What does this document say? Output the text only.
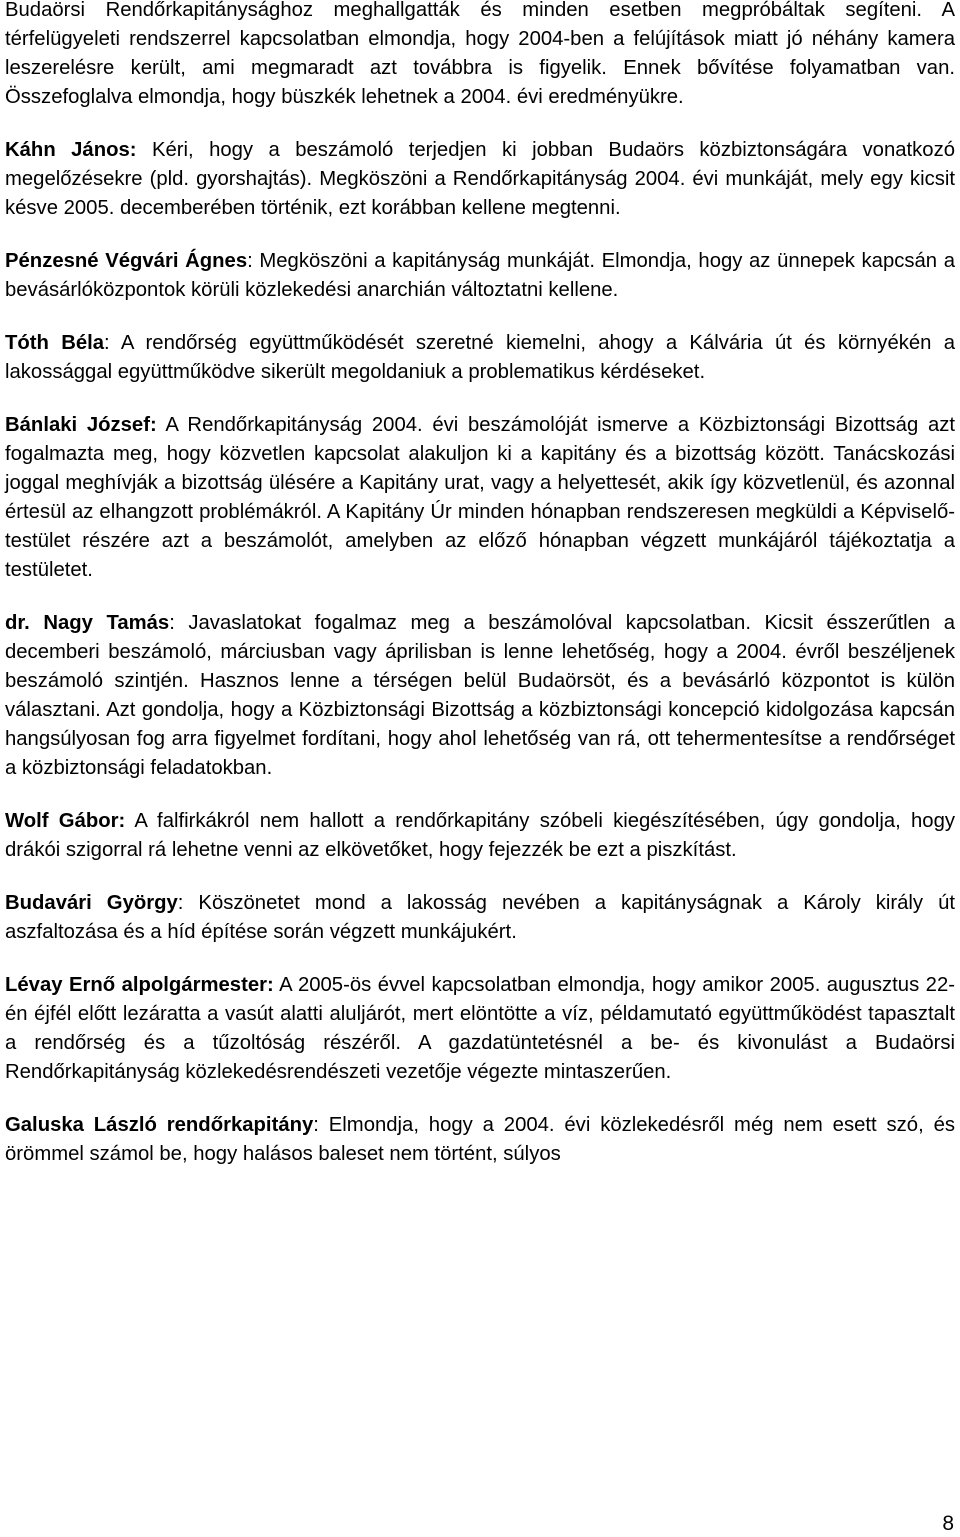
Budaörsi Rendőrkapitánysághoz meghallgatták és minden esetben megpróbáltak segíteni. A térfelügyeleti rendszerrel kapcsolatban elmondja, hogy 2004-ben a felújítások miatt jó néhány kamera leszerelésre került, ami megmaradt azt továbbra is figyelik. Ennek bővítése folyamatban van. Összefoglalva elmondja, hogy büszkék lehetnek a 2004. évi eredményükre.

Káhn János: Kéri, hogy a beszámoló terjedjen ki jobban Budaörs közbiztonságára vonatkozó megelőzésekre (pld. gyorshajtás). Megköszöni a Rendőrkapitányság 2004. évi munkáját, mely egy kicsit késve 2005. decemberében történik, ezt korábban kellene megtenni.

Pénzesné Végvári Ágnes: Megköszöni a kapitányság munkáját. Elmondja, hogy az ünnepek kapcsán a bevásárlóközpontok körüli közlekedési anarchián változtatni kellene.

Tóth Béla: A rendőrség együttműködését szeretné kiemelni, ahogy a Kálvária út és környékén a lakossággal együttműködve sikerült megoldaniuk a problematikus kérdéseket.

Bánlaki József: A Rendőrkapitányság 2004. évi beszámolóját ismerve a Közbiztonsági Bizottság azt fogalmazta meg, hogy közvetlen kapcsolat alakuljon ki a kapitány és a bizottság között. Tanácskozási joggal meghívják a bizottság ülésére a Kapitány urat, vagy a helyettesét, akik így közvetlenül, és azonnal értesül az elhangzott problémákról. A Kapitány Úr minden hónapban rendszeresen megküldi a Képviselő-testület részére azt a beszámolót, amelyben az előző hónapban végzett munkájáról tájékoztatja a testületet.

dr. Nagy Tamás: Javaslatokat fogalmaz meg a beszámolóval kapcsolatban. Kicsit ésszerűtlen a decemberi beszámoló, márciusban vagy áprilisban is lenne lehetőség, hogy a 2004. évről beszéljenek beszámoló szintjén. Hasznos lenne a térségen belül Budaörsöt, és a bevásárló központot is külön választani. Azt gondolja, hogy a Közbiztonsági Bizottság a közbiztonsági koncepció kidolgozása kapcsán hangsúlyosan fog arra figyelmet fordítani, hogy ahol lehetőség van rá, ott tehermentesítse a rendőrséget a közbiztonsági feladatokban.

Wolf Gábor: A falfirkákról nem hallott a rendőrkapitány szóbeli kiegészítésében, úgy gondolja, hogy drákói szigorral rá lehetne venni az elkövetőket, hogy fejezzék be ezt a piszkítást.

Budavári György: Köszönetet mond a lakosság nevében a kapitányságnak a Károly király út aszfaltozása és a híd építése során végzett munkájukért.

Lévay Ernő alpolgármester: A 2005-ös évvel kapcsolatban elmondja, hogy amikor 2005. augusztus 22-én éjfél előtt lezáratta a vasút alatti aluljárót, mert elöntötte a víz, példamutató együttműködést tapasztalt a rendőrség és a tűzoltóság részéről. A gazdatüntetésnél a be- és kivonulást a Budaörsi Rendőrkapitányság közlekedésrendészeti vezetője végezte mintaszerűen.

Galuska László rendőrkapitány: Elmondja, hogy a 2004. évi közlekedésről még nem esett szó, és örömmel számol be, hogy halásos baleset nem történt, súlyos

8
